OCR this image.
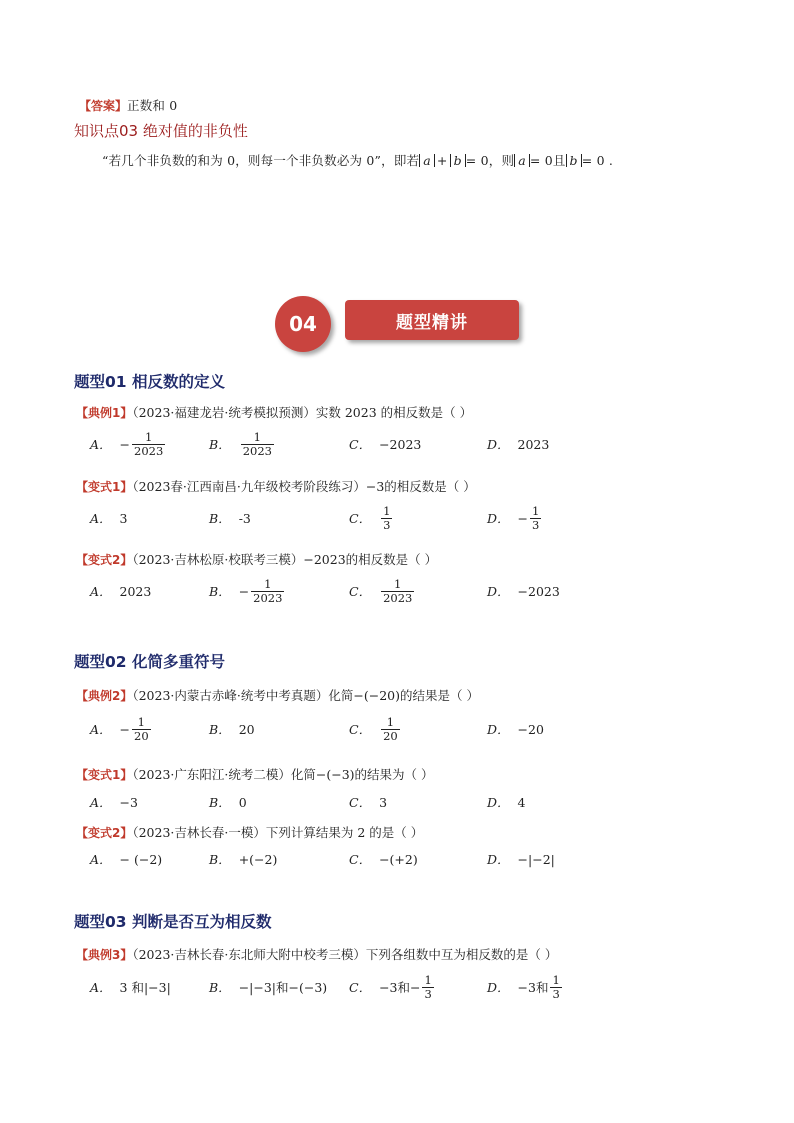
【答案】正数和 0
知识点03 绝对值的非负性
“若几个非负数的和为 0，则每一个非负数必为 0”，即若 a + b = 0，则 a = 0且 b = 0 .
04	题型精讲
题型01 相反数的定义
【典例1】（2023·福建龙岩·统考模拟预测）实数 2023 的相反数是（ ）
A． − $\frac{1}{2023}$	B． $\frac{1}{2023}$	C． −2023	D． 2023
【变式1】（2023春·江西南昌·九年级校考阶段练习）−3的相反数是（ ）
A． 3	B． -3	C． $\frac{1}{3}$	D． − $\frac{1}{3}$
【变式2】（2023·吉林松原·校联考三模）−2023的相反数是（ ）
A． 2023	B． − $\frac{1}{2023}$	C． $\frac{1}{2023}$	D． −2023
题型02 化简多重符号
【典例2】（2023·内蒙古赤峰·统考中考真题）化简−(−20)的结果是（ ）
A． − $\frac{1}{20}$	B． 20	C． $\frac{1}{20}$	D． −20
【变式1】（2023·广东阳江·统考二模）化简−(−3)的结果为（ ）
A． −3	B． 0	C． 3	D． 4
【变式2】（2023·吉林长春·一模）下列计算结果为 2 的是（ ）
A． − (−2)	B． +(−2)	C． −(+2)	D． −|−2|
题型03 判断是否互为相反数
【典例3】（2023·吉林长春·东北师大附中校考三模）下列各组数中互为相反数的是（ ）
A． 3 和|−3|	B． −|−3|和−(−3) C． −3和− $\frac{1}{3}$	D． −3和 $\frac{1}{3}$
